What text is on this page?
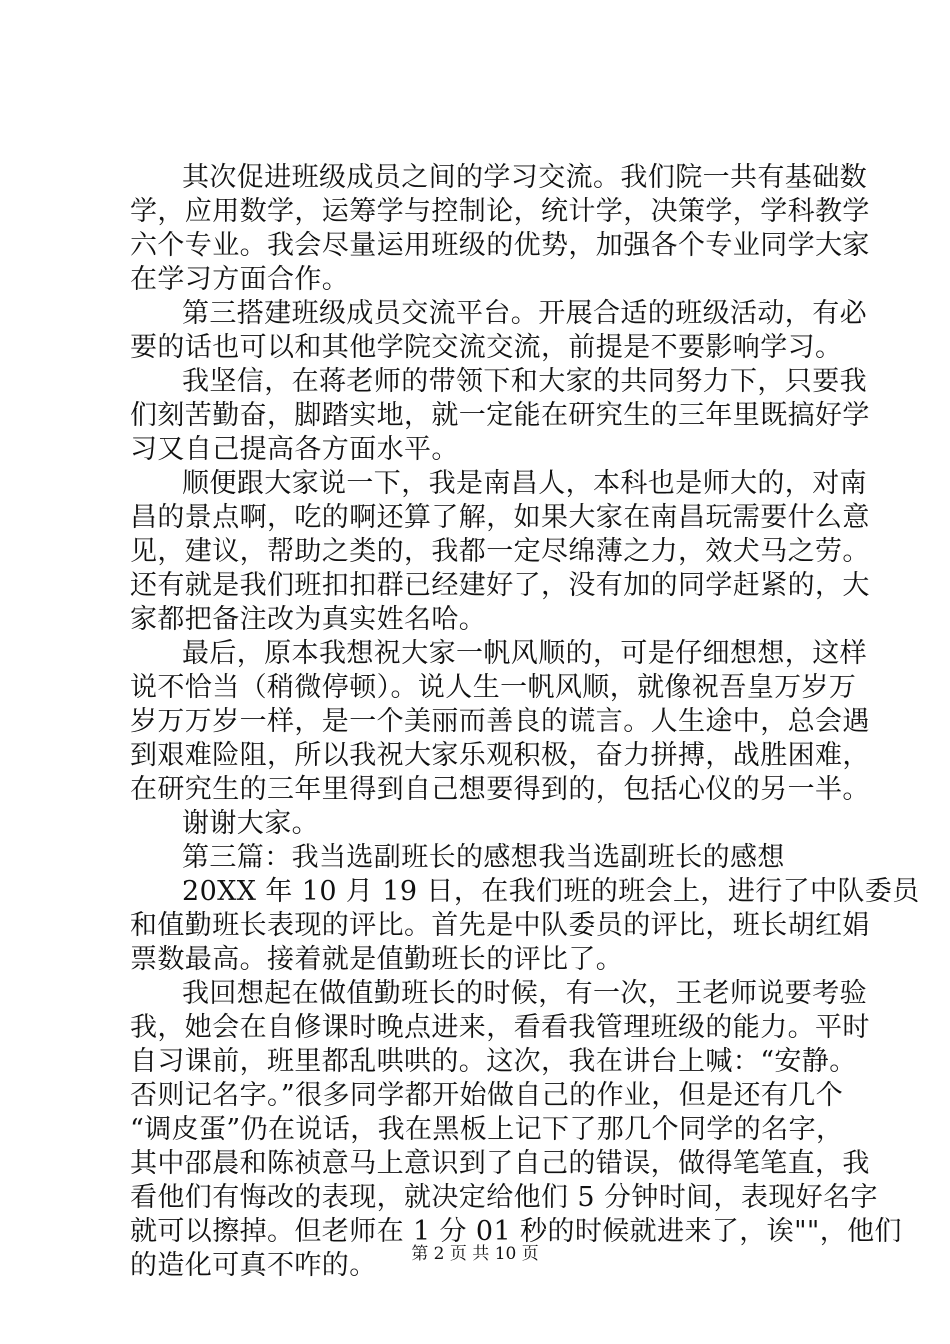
其次促进班级成员之间的学习交流。我们院一共有基础数
学，应用数学，运筹学与控制论，统计学，决策学，学科教学
六个专业。我会尽量运用班级的优势，加强各个专业同学大家
在学习方面合作。
第三搭建班级成员交流平台。开展合适的班级活动，有必
要的话也可以和其他学院交流交流，前提是不要影响学习。
我坚信，在蒋老师的带领下和大家的共同努力下，只要我
们刻苦勤奋，脚踏实地，就一定能在研究生的三年里既搞好学
习又自己提高各方面水平。
顺便跟大家说一下，我是南昌人，本科也是师大的，对南
昌的景点啊，吃的啊还算了解，如果大家在南昌玩需要什么意
见，建议，帮助之类的，我都一定尽绵薄之力，效犬马之劳。
还有就是我们班扣扣群已经建好了，没有加的同学赶紧的，大
家都把备注改为真实姓名哈。
最后，原本我想祝大家一帆风顺的，可是仔细想想，这样
说不恰当（稍微停顿）。说人生一帆风顺，就像祝吾皇万岁万
岁万万岁一样，是一个美丽而善良的谎言。人生途中，总会遇
到艰难险阻，所以我祝大家乐观积极，奋力拼搏，战胜困难，
在研究生的三年里得到自己想要得到的，包括心仪的另一半。
谢谢大家。
第三篇：我当选副班长的感想我当选副班长的感想
20XX 年 10 月 19 日，在我们班的班会上，进行了中队委员
和值勤班长表现的评比。首先是中队委员的评比，班长胡红娟
票数最高。接着就是值勤班长的评比了。
我回想起在做值勤班长的时候，有一次，王老师说要考验
我，她会在自修课时晚点进来，看看我管理班级的能力。平时
自习课前，班里都乱哄哄的。这次，我在讲台上喊：“安静。
否则记名字。”很多同学都开始做自己的作业，但是还有几个
“调皮蛋”仍在说话，我在黑板上记下了那几个同学的名字，
其中邵晨和陈祯意马上意识到了自己的错误，做得笔笔直，我
看他们有悔改的表现，就决定给他们 5 分钟时间，表现好名字
就可以擦掉。但老师在 1 分 01 秒的时候就进来了，诶""，他们
的造化可真不咋的。	第 2 页 共 10 页
